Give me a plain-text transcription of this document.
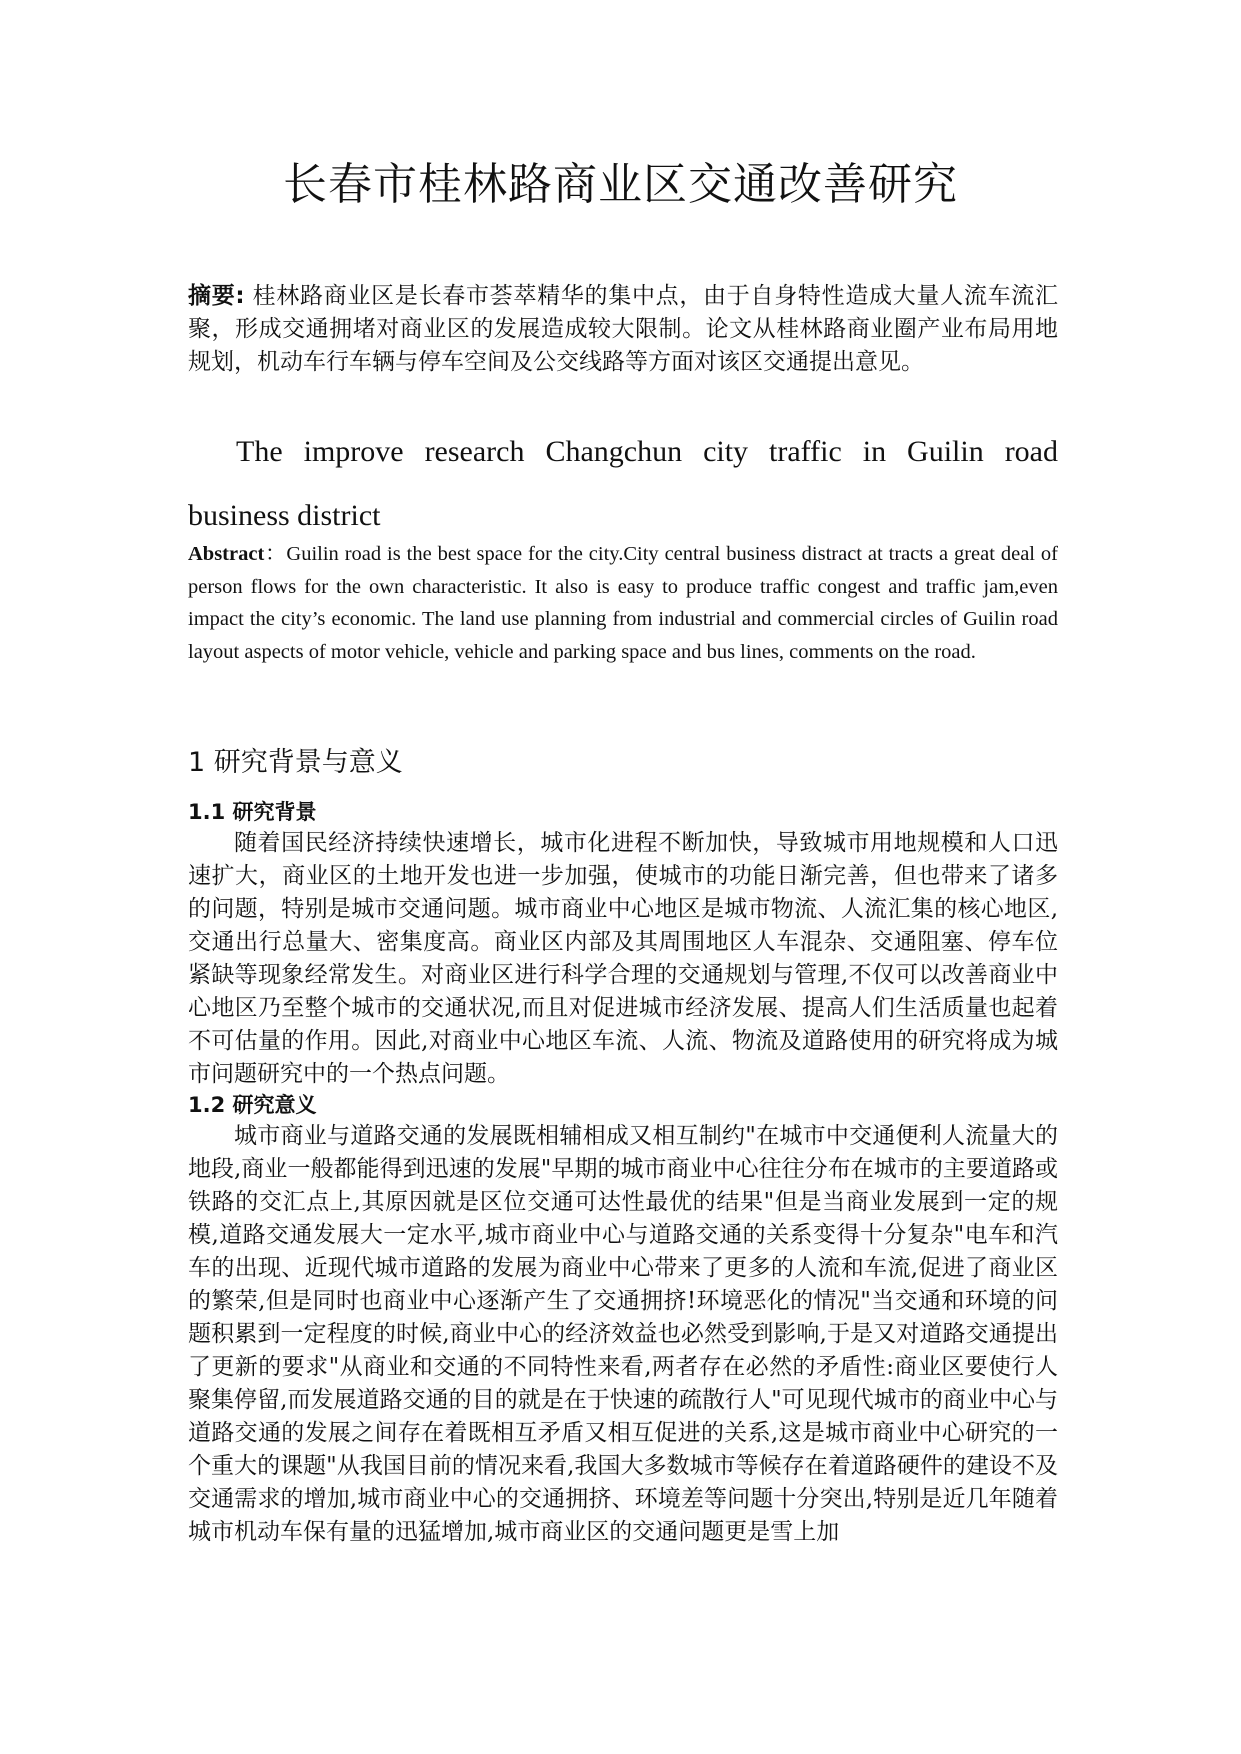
长春市桂林路商业区交通改善研究
摘要: 桂林路商业区是长春市荟萃精华的集中点，由于自身特性造成大量人流车流汇聚，形成交通拥堵对商业区的发展造成较大限制。论文从桂林路商业圈产业布局用地规划，机动车行车辆与停车空间及公交线路等方面对该区交通提出意见。
The improve research Changchun city traffic in Guilin road business district
Abstract：Guilin road is the best space for the city.City central business distract at tracts a great deal of person flows for the own characteristic. It also is easy to produce traffic congest and traffic jam,even impact the city’s economic. The land use planning from industrial and commercial circles of Guilin road layout aspects of motor vehicle, vehicle and parking space and bus lines, comments on the road.
1 研究背景与意义
1.1 研究背景
随着国民经济持续快速增长，城市化进程不断加快，导致城市用地规模和人口迅速扩大，商业区的土地开发也进一步加强，使城市的功能日渐完善，但也带来了诸多的问题，特别是城市交通问题。城市商业中心地区是城市物流、人流汇集的核心地区,交通出行总量大、密集度高。商业区内部及其周围地区人车混杂、交通阻塞、停车位紧缺等现象经常发生。对商业区进行科学合理的交通规划与管理,不仅可以改善商业中心地区乃至整个城市的交通状况,而且对促进城市经济发展、提高人们生活质量也起着不可估量的作用。因此,对商业中心地区车流、人流、物流及道路使用的研究将成为城市问题研究中的一个热点问题。
1.2 研究意义
城市商业与道路交通的发展既相辅相成又相互制约"在城市中交通便利人流量大的地段,商业一般都能得到迅速的发展"早期的城市商业中心往往分布在城市的主要道路或铁路的交汇点上,其原因就是区位交通可达性最优的结果"但是当商业发展到一定的规模,道路交通发展大一定水平,城市商业中心与道路交通的关系变得十分复杂"电车和汽车的出现、近现代城市道路的发展为商业中心带来了更多的人流和车流,促进了商业区的繁荣,但是同时也商业中心逐渐产生了交通拥挤!环境恶化的情况"当交通和环境的问题积累到一定程度的时候,商业中心的经济效益也必然受到影响,于是又对道路交通提出了更新的要求"从商业和交通的不同特性来看,两者存在必然的矛盾性:商业区要使行人聚集停留,而发展道路交通的目的就是在于快速的疏散行人"可见现代城市的商业中心与道路交通的发展之间存在着既相互矛盾又相互促进的关系,这是城市商业中心研究的一个重大的课题"从我国目前的情况来看,我国大多数城市等候存在着道路硬件的建设不及交通需求的增加,城市商业中心的交通拥挤、环境差等问题十分突出,特别是近几年随着城市机动车保有量的迅猛增加,城市商业区的交通问题更是雪上加
